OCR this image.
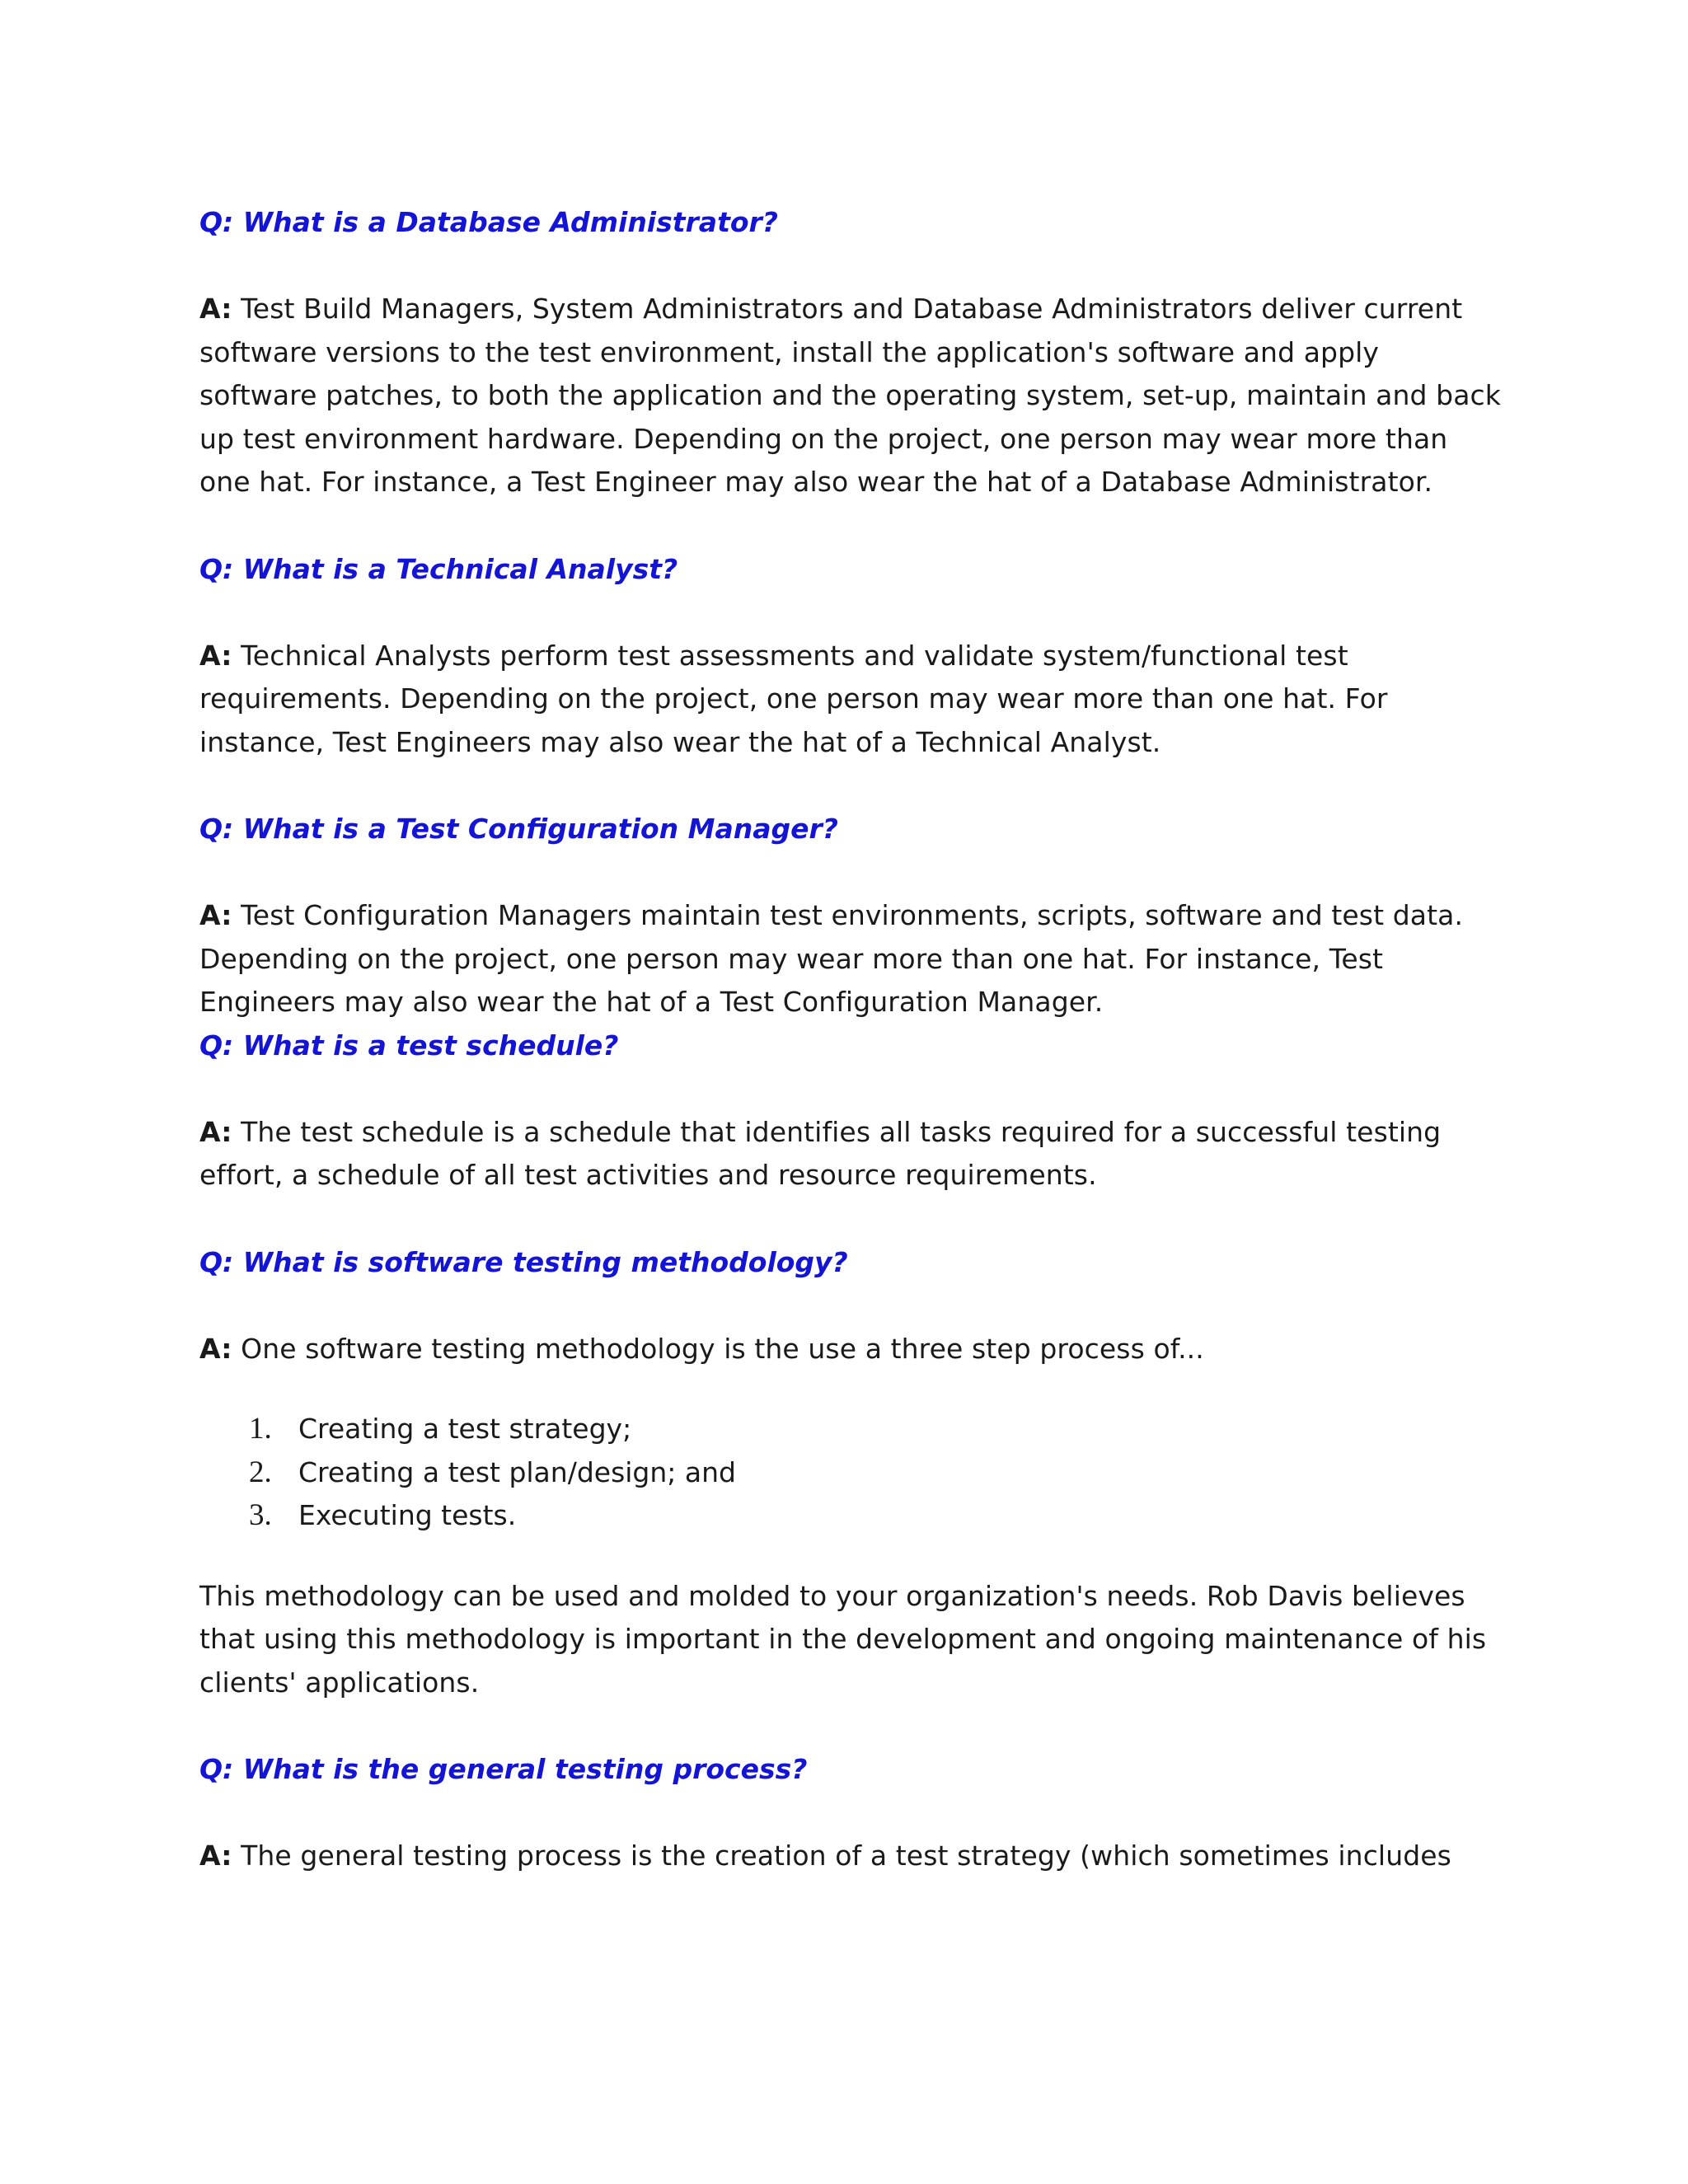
Q: What is a Database Administrator?

A: Test Build Managers, System Administrators and Database Administrators deliver current software versions to the test environment, install the application's software and apply software patches, to both the application and the operating system, set-up, maintain and back up test environment hardware. Depending on the project, one person may wear more than one hat. For instance, a Test Engineer may also wear the hat of a Database Administrator.

Q: What is a Technical Analyst?

A: Technical Analysts perform test assessments and validate system/functional test requirements. Depending on the project, one person may wear more than one hat. For instance, Test Engineers may also wear the hat of a Technical Analyst.

Q: What is a Test Configuration Manager?

A: Test Configuration Managers maintain test environments, scripts, software and test data. Depending on the project, one person may wear more than one hat. For instance, Test Engineers may also wear the hat of a Test Configuration Manager.

Q: What is a test schedule?

A: The test schedule is a schedule that identifies all tasks required for a successful testing effort, a schedule of all test activities and resource requirements.

Q: What is software testing methodology?

A: One software testing methodology is the use a three step process of...

1. Creating a test strategy;
2. Creating a test plan/design; and
3. Executing tests.

This methodology can be used and molded to your organization's needs. Rob Davis believes that using this methodology is important in the development and ongoing maintenance of his clients' applications.

Q: What is the general testing process?

A: The general testing process is the creation of a test strategy (which sometimes includes
